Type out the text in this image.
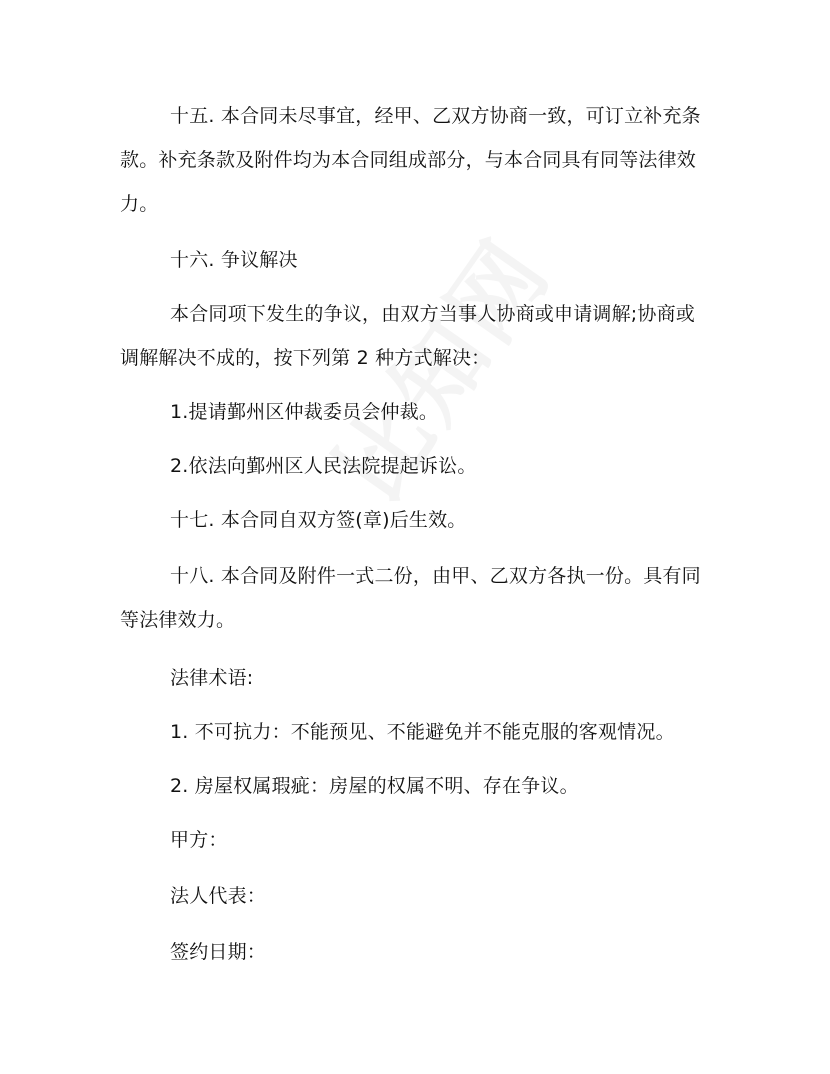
十五. 本合同未尽事宜，经甲、乙双方协商一致，可订立补充条
款。补充条款及附件均为本合同组成部分，与本合同具有同等法律效
力。
十六. 争议解决
本合同项下发生的争议，由双方当事人协商或申请调解;协商或
调解解决不成的，按下列第 2 种方式解决：
1.提请鄞州区仲裁委员会仲裁。
2.依法向鄞州区人民法院提起诉讼。
十七. 本合同自双方签(章)后生效。
十八. 本合同及附件一式二份，由甲、乙双方各执一份。具有同
等法律效力。
法律术语:
1. 不可抗力：不能预见、不能避免并不能克服的客观情况。
2. 房屋权属瑕疵：房屋的权属不明、存在争议。
甲方：
法人代表：
签约日期：
